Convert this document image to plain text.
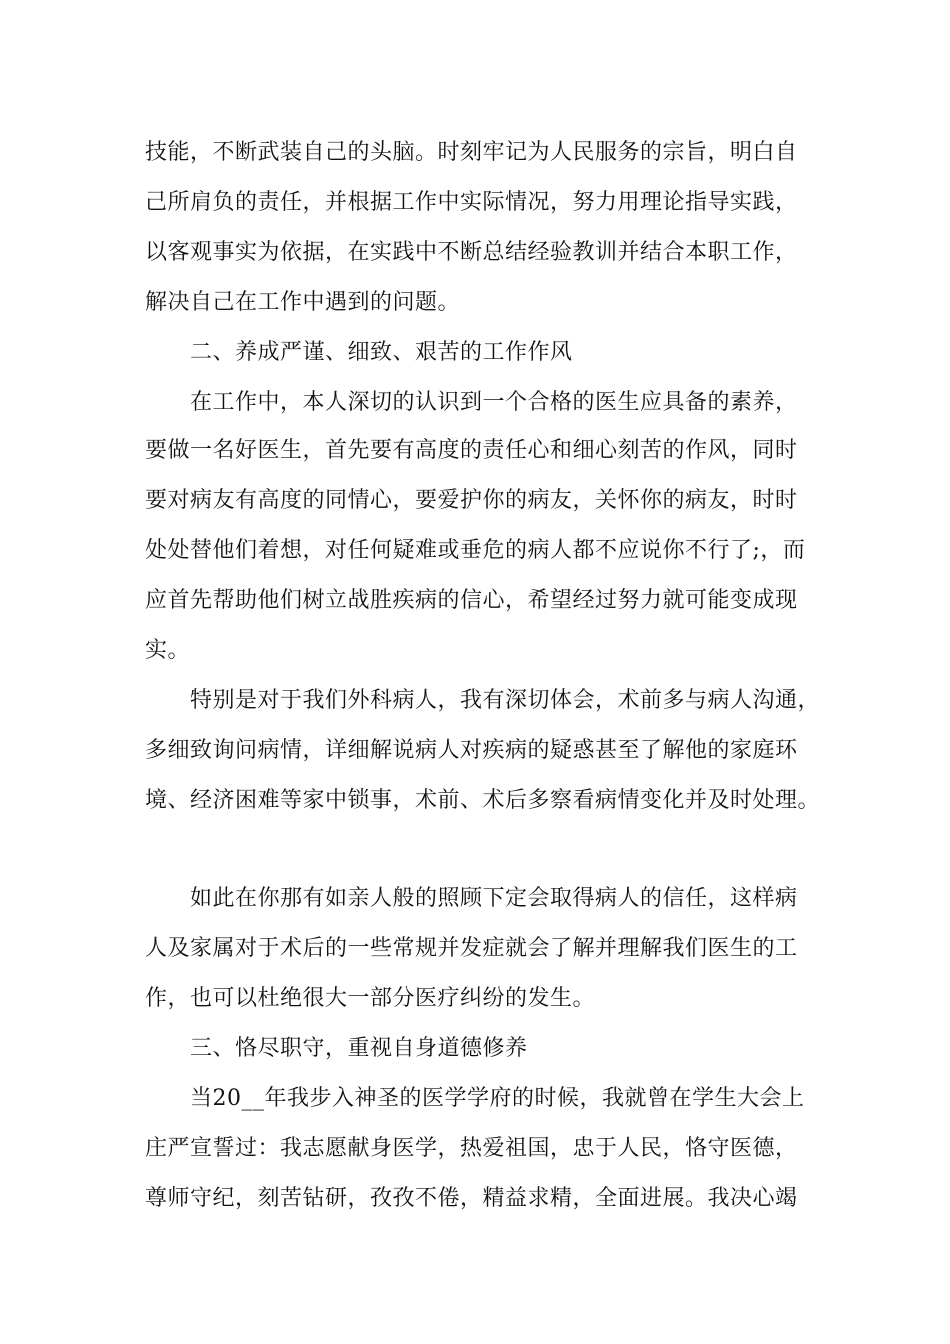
技能，不断武装自己的头脑。时刻牢记为人民服务的宗旨，明白自
己所肩负的责任，并根据工作中实际情况，努力用理论指导实践，
以客观事实为依据，在实践中不断总结经验教训并结合本职工作，
解决自己在工作中遇到的问题。
二、养成严谨、细致、艰苦的工作作风
在工作中，本人深切的认识到一个合格的医生应具备的素养，
要做一名好医生，首先要有高度的责任心和细心刻苦的作风，同时
要对病友有高度的同情心，要爱护你的病友，关怀你的病友，时时
处处替他们着想，对任何疑难或垂危的病人都不应说你不行了;，而
应首先帮助他们树立战胜疾病的信心，希望经过努力就可能变成现
实。
特别是对于我们外科病人，我有深切体会，术前多与病人沟通，
多细致询问病情，详细解说病人对疾病的疑惑甚至了解他的家庭环
境、经济困难等家中锁事，术前、术后多察看病情变化并及时处理。
如此在你那有如亲人般的照顾下定会取得病人的信任，这样病
人及家属对于术后的一些常规并发症就会了解并理解我们医生的工
作，也可以杜绝很大一部分医疗纠纷的发生。
三、恪尽职守，重视自身道德修养
当20__年我步入神圣的医学学府的时候，我就曾在学生大会上
庄严宣誓过：我志愿献身医学，热爱祖国，忠于人民，恪守医德，
尊师守纪，刻苦钻研，孜孜不倦，精益求精，全面进展。我决心竭
